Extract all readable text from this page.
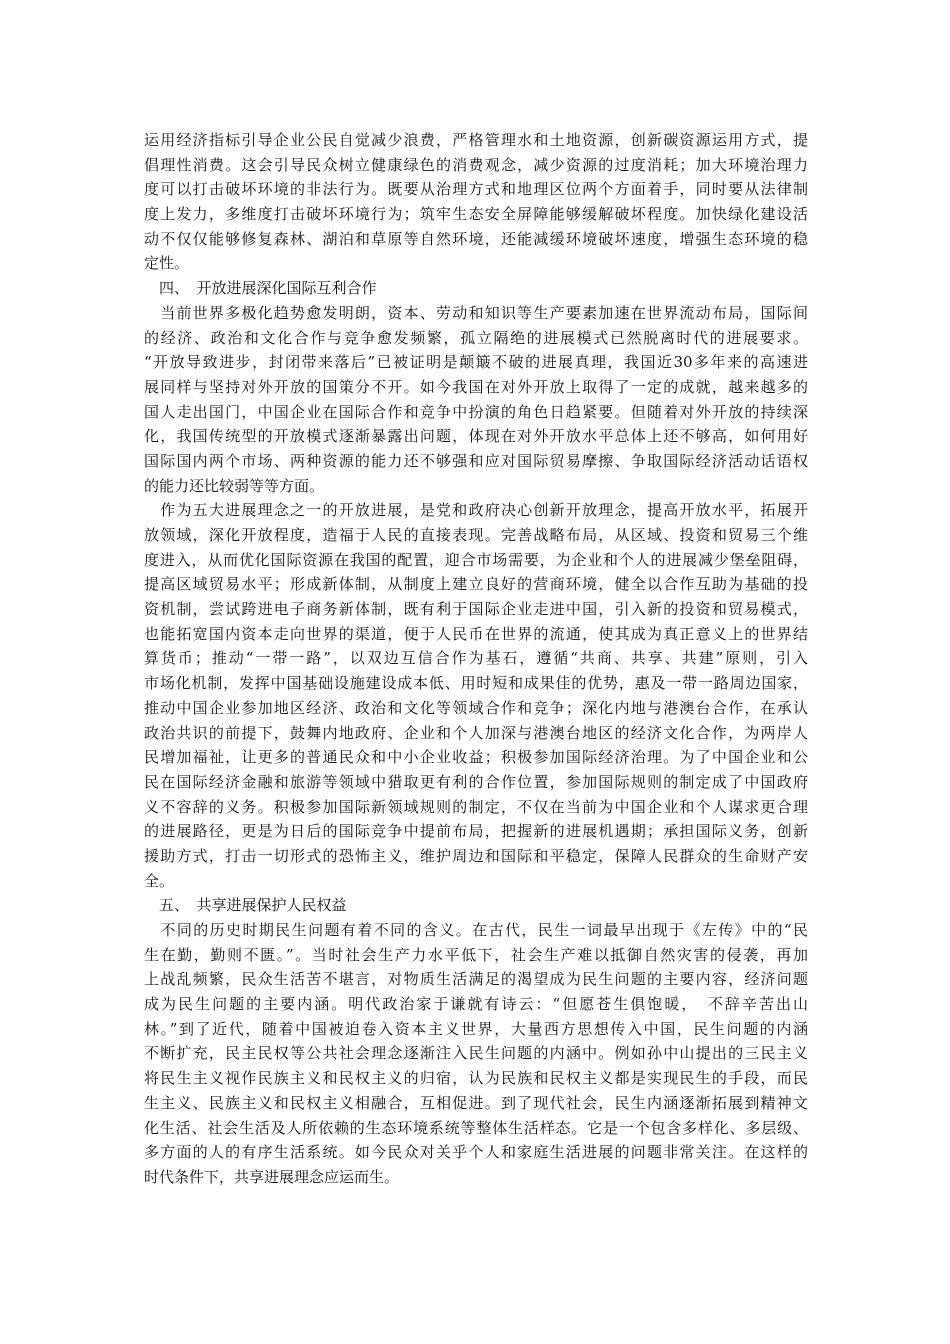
运用经济指标引导企业公民自觉减少浪费，严格管理水和土地资源，创新碳资源运用方式，提
倡理性消费。这会引导民众树立健康绿色的消费观念，减少资源的过度消耗；加大环境治理力
度可以打击破坏环境的非法行为。既要从治理方式和地理区位两个方面着手，同时要从法律制
度上发力，多维度打击破坏环境行为；筑牢生态安全屏障能够缓解破坏程度。加快绿化建设活
动不仅仅能够修复森林、湖泊和草原等自然环境，还能减缓环境破坏速度，增强生态环境的稳
定性。
　四、　开放进展深化国际互利合作
　当前世界多极化趋势愈发明朗，资本、劳动和知识等生产要素加速在世界流动布局，国际间
的经济、政治和文化合作与竞争愈发频繁，孤立隔绝的进展模式已然脱离时代的进展要求。
“开放导致进步，封闭带来落后”已被证明是颠簸不破的进展真理，我国近30多年来的高速进
展同样与坚持对外开放的国策分不开。如今我国在对外开放上取得了一定的成就，越来越多的
国人走出国门，中国企业在国际合作和竞争中扮演的角色日趋紧要。但随着对外开放的持续深
化，我国传统型的开放模式逐渐暴露出问题，体现在对外开放水平总体上还不够高，如何用好
国际国内两个市场、两种资源的能力还不够强和应对国际贸易摩擦、争取国际经济活动话语权
的能力还比较弱等等方面。
　作为五大进展理念之一的开放进展，是党和政府决心创新开放理念，提高开放水平，拓展开
放领域，深化开放程度，造福于人民的直接表现。完善战略布局，从区域、投资和贸易三个维
度进入，从而优化国际资源在我国的配置，迎合市场需要，为企业和个人的进展减少堡垒阻碍，
提高区域贸易水平；形成新体制，从制度上建立良好的营商环境，健全以合作互助为基础的投
资机制，尝试跨进电子商务新体制，既有利于国际企业走进中国，引入新的投资和贸易模式，
也能拓宽国内资本走向世界的渠道，便于人民币在世界的流通，使其成为真正意义上的世界结
算货币；推动“一带一路”，以双边互信合作为基石，遵循“共商、共享、共建”原则，引入
市场化机制，发挥中国基础设施建设成本低、用时短和成果佳的优势，惠及一带一路周边国家，
推动中国企业参加地区经济、政治和文化等领域合作和竞争；深化内地与港澳台合作，在承认
政治共识的前提下，鼓舞内地政府、企业和个人加深与港澳台地区的经济文化合作，为两岸人
民增加福祉，让更多的普通民众和中小企业收益；积极参加国际经济治理。为了中国企业和公
民在国际经济金融和旅游等领域中猎取更有利的合作位置，参加国际规则的制定成了中国政府
义不容辞的义务。积极参加国际新领域规则的制定，不仅在当前为中国企业和个人谋求更合理
的进展路径，更是为日后的国际竞争中提前布局，把握新的进展机遇期；承担国际义务，创新
援助方式，打击一切形式的恐怖主义，维护周边和国际和平稳定，保障人民群众的生命财产安
全。
　五、　共享进展保护人民权益
　不同的历史时期民生问题有着不同的含义。在古代，民生一词最早出现于《左传》中的“民
生在勤，勤则不匮。”。当时社会生产力水平低下，社会生产难以抵御自然灾害的侵袭，再加
上战乱频繁，民众生活苦不堪言，对物质生活满足的渴望成为民生问题的主要内容，经济问题
成为民生问题的主要内涵。明代政治家于谦就有诗云：“但愿苍生俱饱暖，　不辞辛苦出山
林。”到了近代，随着中国被迫卷入资本主义世界，大量西方思想传入中国，民生问题的内涵
不断扩充，民主民权等公共社会理念逐渐注入民生问题的内涵中。例如孙中山提出的三民主义
将民生主义视作民族主义和民权主义的归宿，认为民族和民权主义都是实现民生的手段，而民
生主义、民族主义和民权主义相融合，互相促进。到了现代社会，民生内涵逐渐拓展到精神文
化生活、社会生活及人所依赖的生态环境系统等整体生活样态。它是一个包含多样化、多层级、
多方面的人的有序生活系统。如今民众对关乎个人和家庭生活进展的问题非常关注。在这样的
时代条件下，共享进展理念应运而生。
